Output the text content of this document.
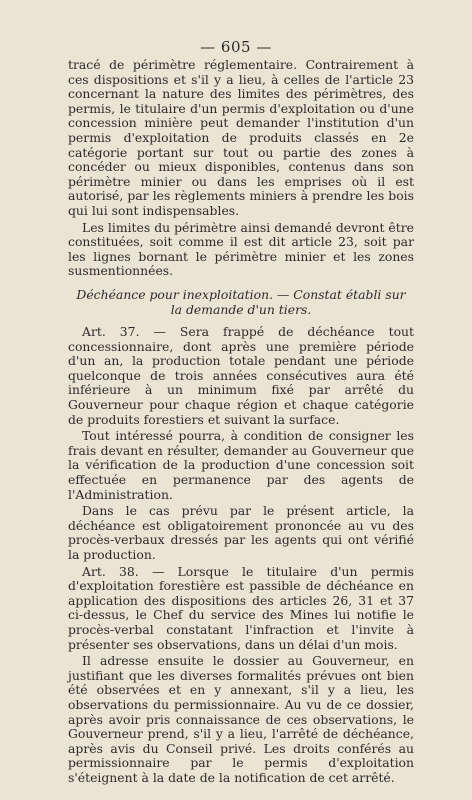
— 605 —

tracé de périmètre réglementaire. Contrairement à ces dispositions et s'il y a lieu, à celles de l'article 23 concernant la nature des limites des périmètres, des permis, le titulaire d'un permis d'exploitation ou d'une concession minière peut demander l'institution d'un permis d'exploitation de produits classés en 2e catégorie portant sur tout ou partie des zones à concéder ou mieux disponibles, contenus dans son périmètre minier ou dans les emprises où il est autorisé, par les règlements miniers à prendre les bois qui lui sont indispensables.

Les limites du périmètre ainsi demandé devront être constituées, soit comme il est dit article 23, soit par les lignes bornant le périmètre minier et les zones susmentionnées.

Déchéance pour inexploitation. — Constat établi sur
la demande d'un tiers.

Art. 37. — Sera frappé de déchéance tout concessionnaire, dont après une première période d'un an, la production totale pendant une période quelconque de trois années consécutives aura été inférieure à un minimum fixé par arrêté du Gouverneur pour chaque région et chaque catégorie de produits forestiers et suivant la surface.

Tout intéressé pourra, à condition de consigner les frais devant en résulter, demander au Gouverneur que la vérification de la production d'une concession soit effectuée en permanence par des agents de l'Administration.

Dans le cas prévu par le présent article, la déchéance est obligatoirement prononcée au vu des procès-verbaux dressés par les agents qui ont vérifié la production.

Art. 38. — Lorsque le titulaire d'un permis d'exploitation forestière est passible de déchéance en application des dispositions des articles 26, 31 et 37 ci-dessus, le Chef du service des Mines lui notifie le procès-verbal constatant l'infraction et l'invite à présenter ses observations, dans un délai d'un mois.

Il adresse ensuite le dossier au Gouverneur, en justifiant que les diverses formalités prévues ont bien été observées et en y annexant, s'il y a lieu, les observations du permissionnaire. Au vu de ce dossier, après avoir pris connaissance de ces observations, le Gouverneur prend, s'il y a lieu, l'arrêté de déchéance, après avis du Conseil privé. Les droits conférés au permissionnaire par le permis d'exploitation s'éteignent à la date de la notification de cet arrêté.
